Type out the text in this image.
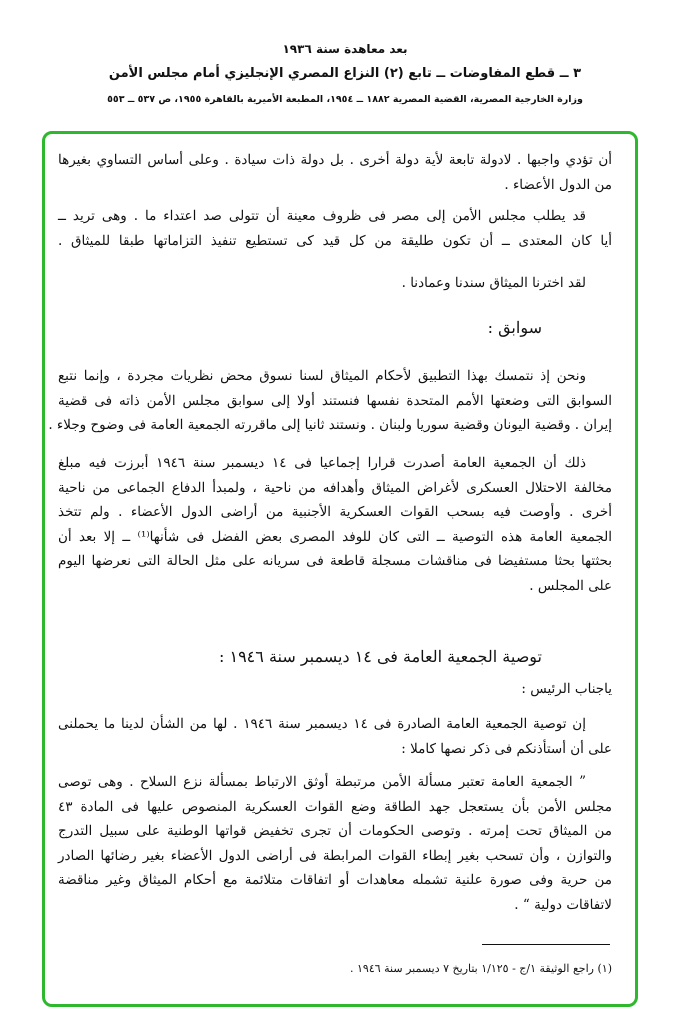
بعد معاهدة سنة ١٩٣٦
٣ ــ قطع المفاوضات ــ تابع (٢) النزاع المصري الإنجليزي أمام مجلس الأمن
وزارة الخارجية المصرية، القضية المصرية ١٨٨٢ ــ ١٩٥٤، المطبعة الأميرية بالقاهرة ١٩٥٥، ص ٥٣٧ ــ ٥٥٣
أن تؤدي واجبها . لادولة تابعة لأية دولة أخرى . بل دولة ذات سيادة . وعلى أساس التساوي بغيرها
من الدول الأعضاء .
قد يطلب مجلس الأمن إلى مصر فى ظروف معينة أن تتولى صد اعتداء ما . وهى تريد ــ
أيا كان المعتدى ــ أن تكون طليقة من كل قيد كى تستطيع تنفيذ التزاماتها طبقا للميثاق .
لقد اخترنا الميثاق سندنا وعمادنا .
سوابق :
ونحن إذ نتمسك بهذا التطبيق لأحكام الميثاق لسنا نسوق محض نظريات مجردة ، وإنما نتبع
السوابق التى وضعتها الأمم المتحدة نفسها فنستند أولا إلى سوابق مجلس الأمن ذاته فى قضية
إيران . وقضية اليونان وقضية سوريا ولبنان . ونستند ثانيا إلى ماقررته الجمعية العامة فى وضوح وجلاء .
ذلك أن الجمعية العامة أصدرت قرارا إجماعيا فى ١٤ ديسمبر سنة ١٩٤٦ أبرزت فيه مبلغ
مخالفة الاحتلال العسكرى لأغراض الميثاق وأهدافه من ناحية ، ولمبدأ الدفاع الجماعى من ناحية
أخرى . وأوصت فيه بسحب القوات العسكرية الأجنبية من أراضى الدول الأعضاء . ولم تتخذ
الجمعية العامة هذه التوصية ــ التى كان للوفد المصرى بعض الفضل فى شأنها⁽¹⁾ ــ إلا بعد أن
بحثتها بحثا مستفيضا فى مناقشات مسجلة قاطعة فى سريانه على مثل الحالة التى نعرضها اليوم
على المجلس .
توصية الجمعية العامة فى ١٤ ديسمبر سنة ١٩٤٦ :
ياجناب الرئيس :
إن توصية الجمعية العامة الصادرة فى ١٤ ديسمبر سنة ١٩٤٦ . لها من الشأن لدينا ما يحملنى
على أن أستأذنكم فى ذكر نصها كاملا :
” الجمعية العامة تعتبر مسألة الأمن مرتبطة أوثق الارتباط بمسألة نزع السلاح . وهى توصى
مجلس الأمن بأن يستعجل جهد الطاقة وضع القوات العسكرية المنصوص عليها فى المادة ٤٣
من الميثاق تحت إمرته . وتوصى الحكومات أن تجرى تخفيض قواتها الوطنية على سبيل التدرج
والتوازن ، وأن تسحب بغير إبطاء القوات المرابطة فى أراضى الدول الأعضاء بغير رضائها الصادر
من حرية وفى صورة علنية تشمله معاهدات أو اتفاقات متلائمة مع أحكام الميثاق وغير مناقضة
لاتفاقات دولية “ .
(١) راجع الوثيقة ١/ج - ١/١٢٥ بتاريخ ٧ ديسمبر سنة ١٩٤٦ .
